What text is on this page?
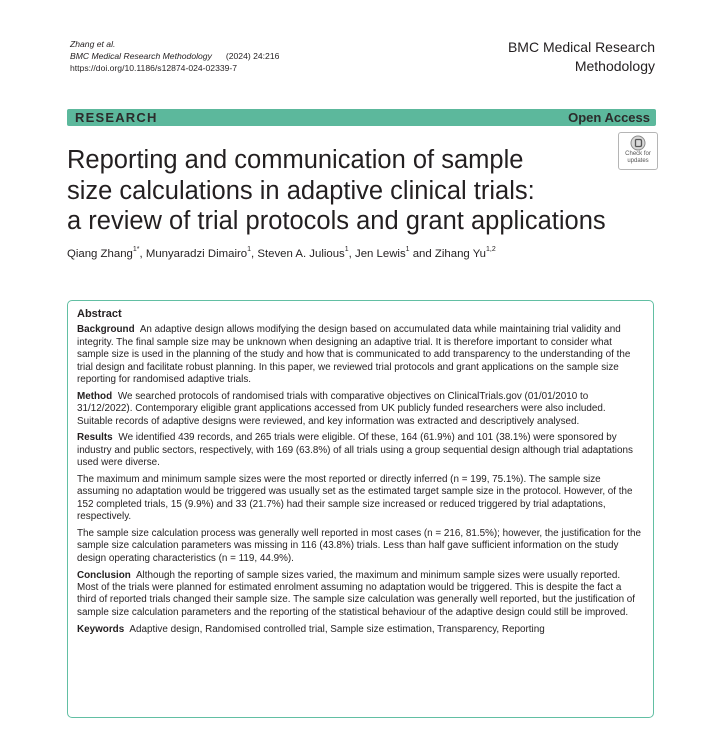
Zhang et al.
BMC Medical Research Methodology (2024) 24:216
https://doi.org/10.1186/s12874-024-02339-7
BMC Medical Research
Methodology
RESEARCH	Open Access
Check for
updates
Reporting and communication of sample
size calculations in adaptive clinical trials:
a review of trial protocols and grant applications
Qiang Zhang$^{1*}$, Munyaradzi Dimairo$^1$, Steven A. Julious$^1$, Jen Lewis$^1$ and Zihang Yu$^{1,2}$
Abstract

Background An adaptive design allows modifying the design based on accumulated data while maintaining trial validity and integrity. The final sample size may be unknown when designing an adaptive trial. It is therefore important to consider what sample size is used in the planning of the study and how that is communicated to add transparency to the understanding of the trial design and facilitate robust planning. In this paper, we reviewed trial protocols and grant applications on the sample size reporting for randomised adaptive trials.

Method We searched protocols of randomised trials with comparative objectives on ClinicalTrials.gov (01/01/2010 to 31/12/2022). Contemporary eligible grant applications accessed from UK publicly funded researchers were also included. Suitable records of adaptive designs were reviewed, and key information was extracted and descriptively analysed.

Results We identified 439 records, and 265 trials were eligible. Of these, 164 (61.9%) and 101 (38.1%) were sponsored by industry and public sectors, respectively, with 169 (63.8%) of all trials using a group sequential design although trial adaptations used were diverse.

The maximum and minimum sample sizes were the most reported or directly inferred (n = 199, 75.1%). The sample size assuming no adaptation would be triggered was usually set as the estimated target sample size in the protocol. However, of the 152 completed trials, 15 (9.9%) and 33 (21.7%) had their sample size increased or reduced triggered by trial adaptations, respectively.

The sample size calculation process was generally well reported in most cases (n = 216, 81.5%); however, the justification for the sample size calculation parameters was missing in 116 (43.8%) trials. Less than half gave sufficient information on the study design operating characteristics (n = 119, 44.9%).

Conclusion Although the reporting of sample sizes varied, the maximum and minimum sample sizes were usually reported. Most of the trials were planned for estimated enrolment assuming no adaptation would be triggered. This is despite the fact a third of reported trials changed their sample size. The sample size calculation was generally well reported, but the justification of sample size calculation parameters and the reporting of the statistical behaviour of the adaptive design could still be improved.

Keywords Adaptive design, Randomised controlled trial, Sample size estimation, Transparency, Reporting
